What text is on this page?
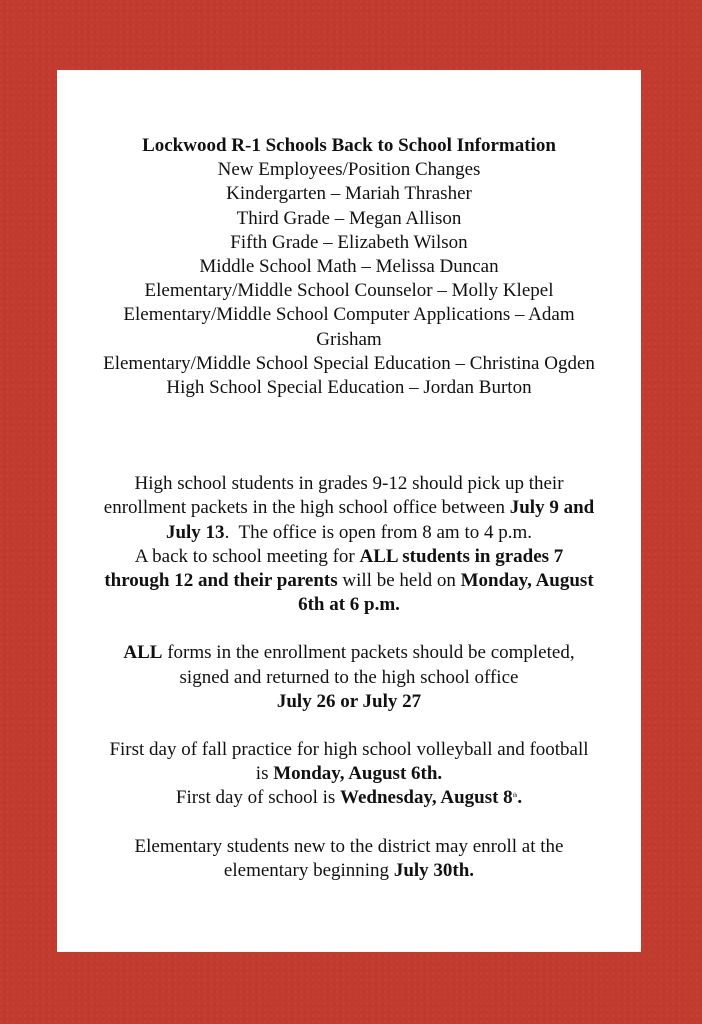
Lockwood R-1 Schools Back to School Information
New Employees/Position Changes
Kindergarten – Mariah Thrasher
Third Grade – Megan Allison
Fifth Grade – Elizabeth Wilson
Middle School Math – Melissa Duncan
Elementary/Middle School Counselor – Molly Klepel
Elementary/Middle School Computer Applications – Adam
Grisham
Elementary/Middle School Special Education – Christina Ogden
High School Special Education – Jordan Burton
High school students in grades 9-12 should pick up their
enrollment packets in the high school office between July 9 and
July 13.  The office is open from 8 am to 4 p.m.
A back to school meeting for ALL students in grades 7
through 12 and their parents will be held on Monday, August
6th at 6 p.m.
ALL forms in the enrollment packets should be completed,
signed and returned to the high school office
July 26 or July 27
First day of fall practice for high school volleyball and football
is Monday, August 6th.
First day of school is Wednesday, August 8th.
Elementary students new to the district may enroll at the
elementary beginning July 30th.
